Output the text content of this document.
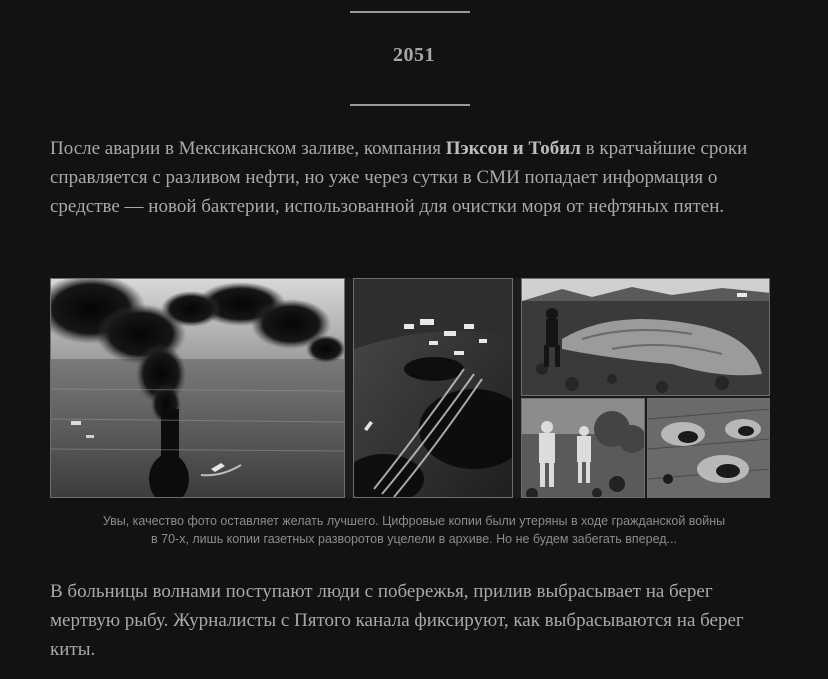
2051

После аварии в Мексиканском заливе, компания Пэксон и Тобил в кратчайшие сроки справляется с разливом нефти, но уже через сутки в СМИ попадает информация о средстве — новой бактерии, использованной для очистки моря от нефтяных пятен.

Увы, качество фото оставляет желать лучшего. Цифровые копии были утеряны в ходе гражданской войны
в 70-х, лишь копии газетных разворотов уцелели в архиве. Но не будем забегать вперед...

В больницы волнами поступают люди с побережья, прилив выбрасывает на берег мертвую рыбу. Журналисты с Пятого канала фиксируют, как выбрасываются на берег киты.
